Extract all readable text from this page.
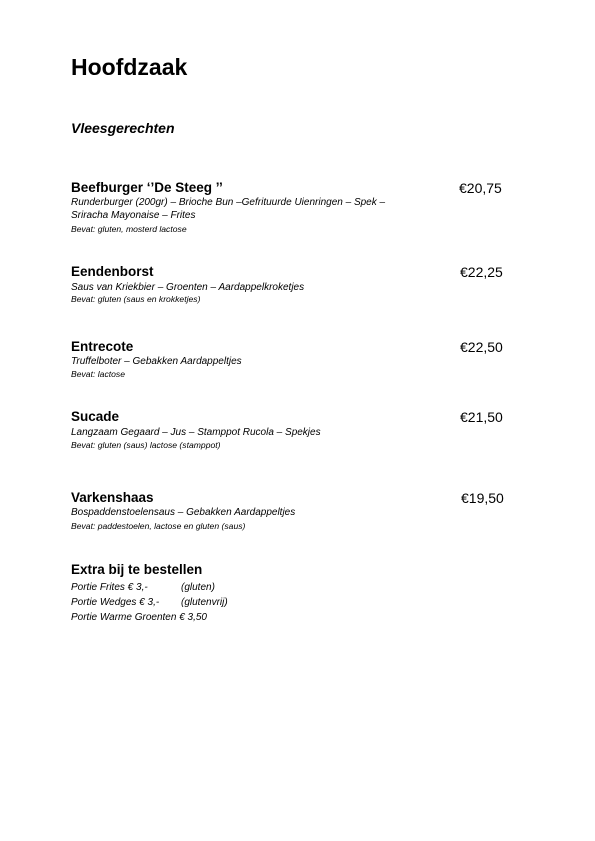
Hoofdzaak
Vleesgerechten
Beefburger ‘’De Steeg ’’	€20,75
Runderburger (200gr) – Brioche Bun –Gefrituurde Uienringen – Spek –
Sriracha Mayonaise – Frites
Bevat: gluten, mosterd lactose
Eendenborst	€22,25
Saus van Kriekbier – Groenten – Aardappelkroketjes
Bevat: gluten (saus en krokketjes)
Entrecote	€22,50
Truffelboter – Gebakken Aardappeltjes
Bevat: lactose
Sucade	€21,50
Langzaam Gegaard – Jus – Stamppot Rucola – Spekjes
Bevat: gluten (saus) lactose (stamppot)
Varkenshaas	€19,50
Bospaddenstoelensaus – Gebakken Aardappeltjes
Bevat: paddestoelen, lactose en gluten (saus)
Extra bij te bestellen
Portie Frites € 3,-	(gluten)
Portie Wedges € 3,- (glutenvrij)
Portie Warme Groenten € 3,50
